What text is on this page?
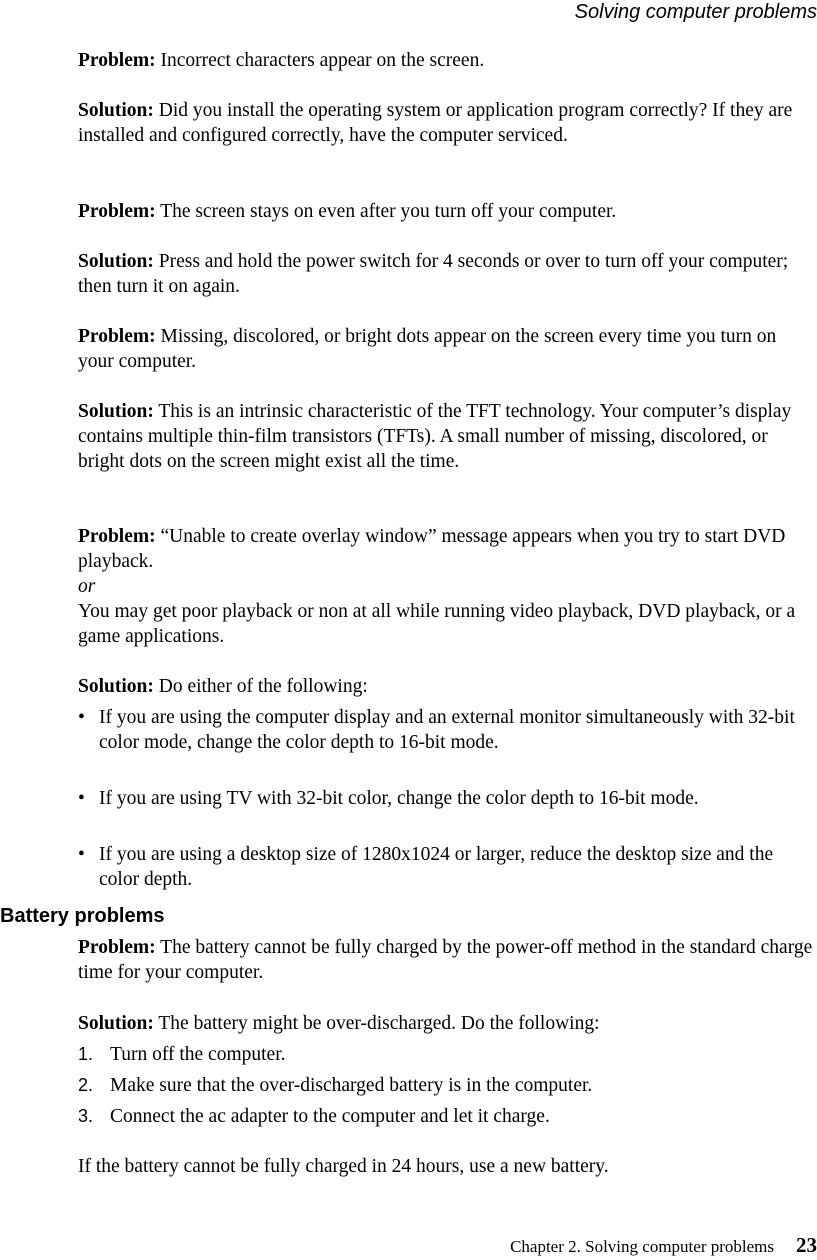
Solving computer problems

Problem: Incorrect characters appear on the screen.

Solution: Did you install the operating system or application program correctly? If they are installed and configured correctly, have the computer serviced.

Problem: The screen stays on even after you turn off your computer.

Solution: Press and hold the power switch for 4 seconds or over to turn off your computer; then turn it on again.

Problem: Missing, discolored, or bright dots appear on the screen every time you turn on your computer.

Solution: This is an intrinsic characteristic of the TFT technology. Your computer’s display contains multiple thin-film transistors (TFTs). A small number of missing, discolored, or bright dots on the screen might exist all the time.

Problem: “Unable to create overlay window” message appears when you try to start DVD playback.
or
You may get poor playback or non at all while running video playback, DVD playback, or a game applications.

Solution: Do either of the following:

• If you are using the computer display and an external monitor simultaneously with 32-bit color mode, change the color depth to 16-bit mode.
• If you are using TV with 32-bit color, change the color depth to 16-bit mode.
• If you are using a desktop size of 1280x1024 or larger, reduce the desktop size and the color depth.
Battery problems

Problem: The battery cannot be fully charged by the power-off method in the standard charge time for your computer.

Solution: The battery might be over-discharged. Do the following:

1. Turn off the computer.
2. Make sure that the over-discharged battery is in the computer.
3. Connect the ac adapter to the computer and let it charge.

If the battery cannot be fully charged in 24 hours, use a new battery.

Chapter 2. Solving computer problems 23
